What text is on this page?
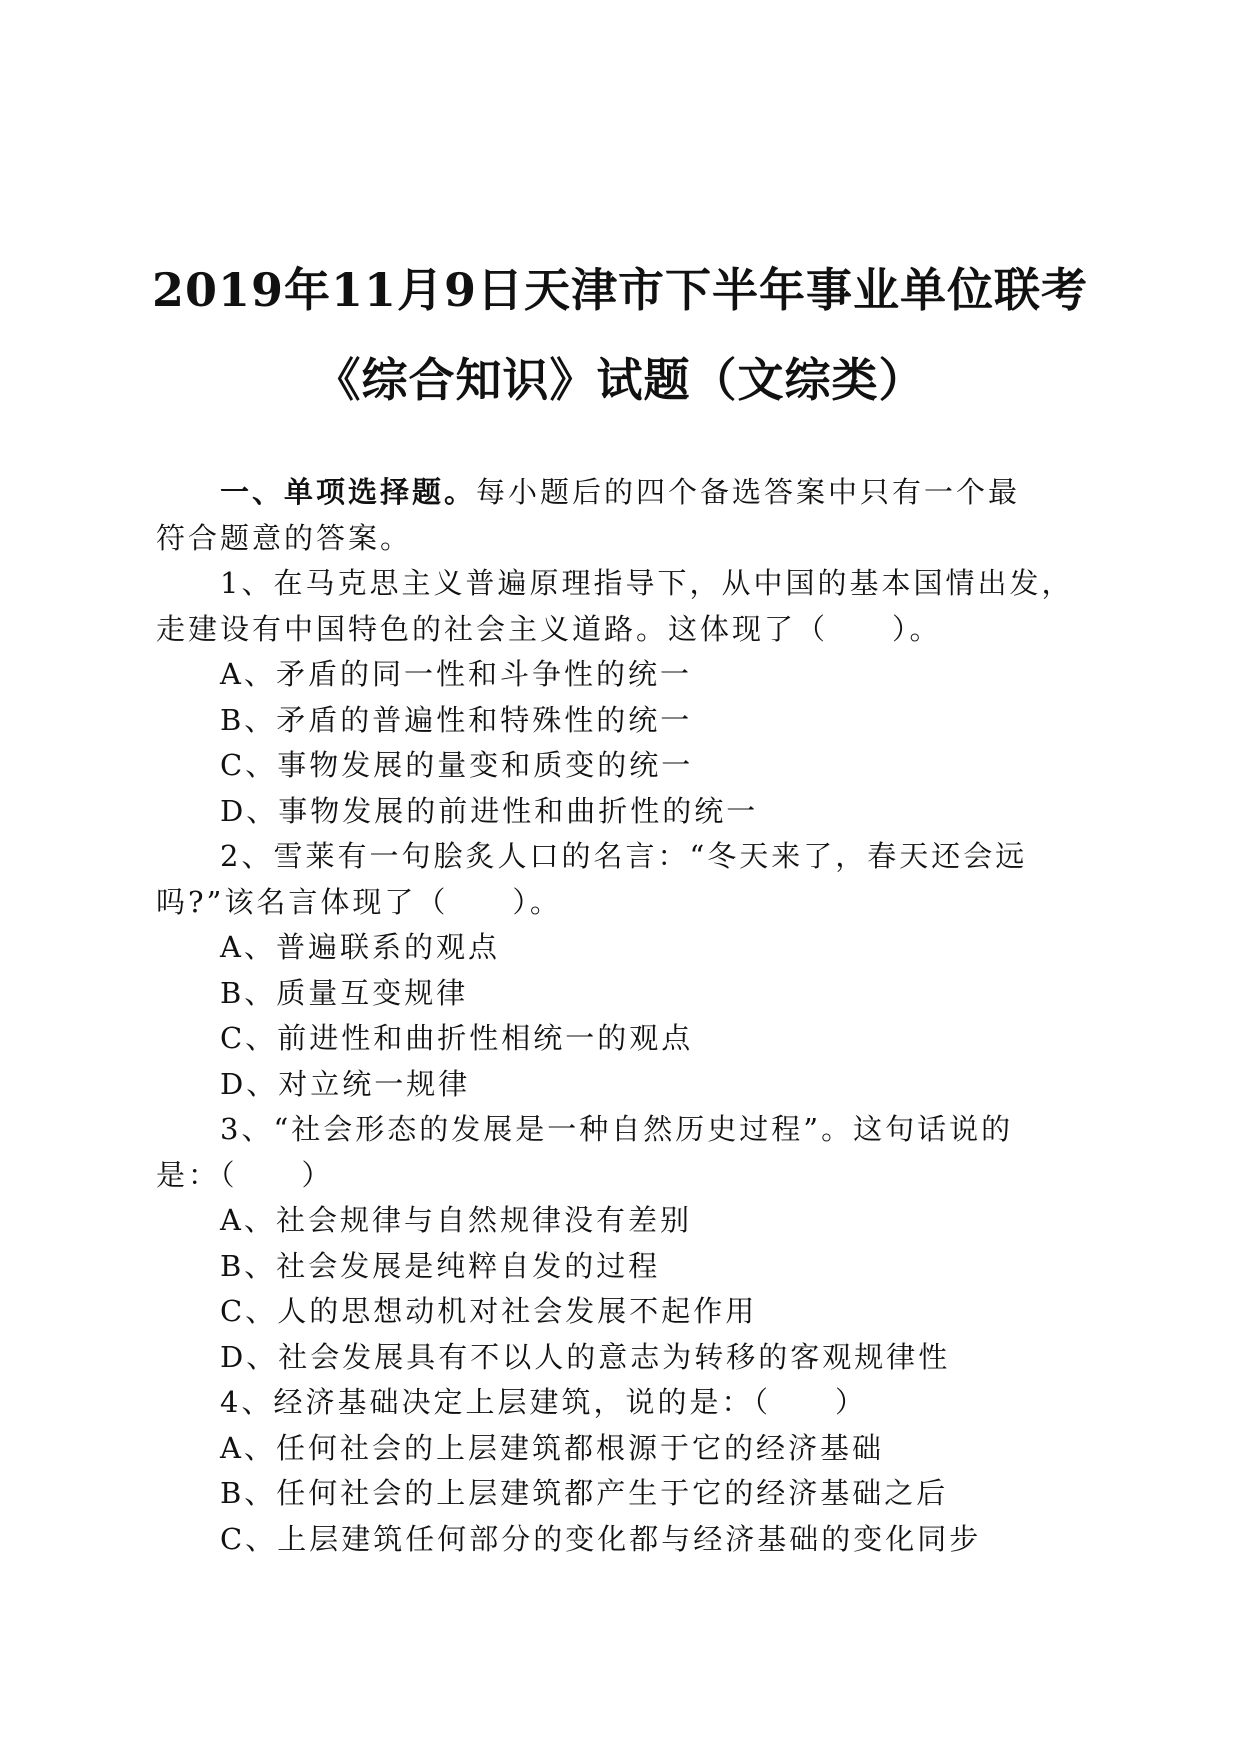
2019年11月9日天津市下半年事业单位联考
《综合知识》试题（文综类）
一、单项选择题。每小题后的四个备选答案中只有一个最
符合题意的答案。
1、在马克思主义普遍原理指导下，从中国的基本国情出发，
走建设有中国特色的社会主义道路。这体现了（　　）。
A、矛盾的同一性和斗争性的统一
B、矛盾的普遍性和特殊性的统一
C、事物发展的量变和质变的统一
D、事物发展的前进性和曲折性的统一
2、雪莱有一句脍炙人口的名言：“冬天来了，春天还会远
吗?”该名言体现了（　　）。
A、普遍联系的观点
B、质量互变规律
C、前进性和曲折性相统一的观点
D、对立统一规律
3、“社会形态的发展是一种自然历史过程”。这句话说的
是：（　　）
A、社会规律与自然规律没有差别
B、社会发展是纯粹自发的过程
C、人的思想动机对社会发展不起作用
D、社会发展具有不以人的意志为转移的客观规律性
4、经济基础决定上层建筑，说的是：（　　）
A、任何社会的上层建筑都根源于它的经济基础
B、任何社会的上层建筑都产生于它的经济基础之后
C、上层建筑任何部分的变化都与经济基础的变化同步
